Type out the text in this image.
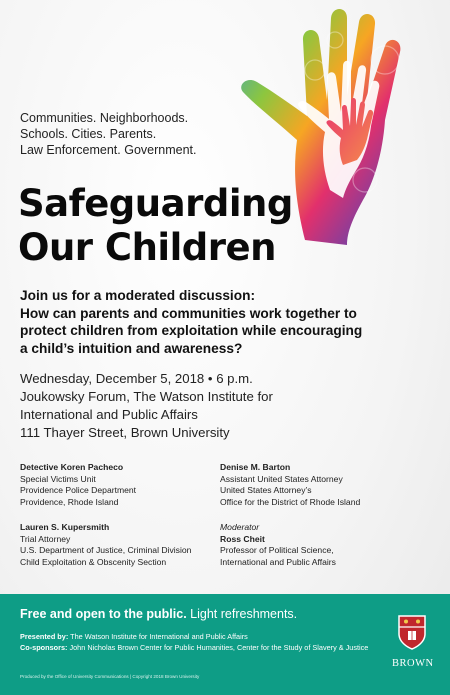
Communities. Neighborhoods.
Schools. Cities. Parents.
Law Enforcement. Government.
Safeguarding
Our Children
Join us for a moderated discussion:
How can parents and communities work together to
protect children from exploitation while encouraging
a child’s intuition and awareness?
Wednesday, December 5, 2018 • 6 p.m.
Joukowsky Forum, The Watson Institute for
International and Public Affairs
111 Thayer Street, Brown University
Detective Koren Pacheco
Special Victims Unit
Providence Police Department
Providence, Rhode Island
Denise M. Barton
Assistant United States Attorney
United States Attorney’s
Office for the District of Rhode Island
Lauren S. Kupersmith
Trial Attorney
U.S. Department of Justice, Criminal Division
Child Exploitation & Obscenity Section
Moderator
Ross Cheit
Professor of Political Science,
International and Public Affairs
Free and open to the public. Light refreshments.
Presented by: The Watson Institute for International and Public Affairs
Co-sponsors: John Nicholas Brown Center for Public Humanities, Center for the Study of Slavery & Justice
Produced by the Office of University Communications | Copyright 2018 Brown University
BROWN
